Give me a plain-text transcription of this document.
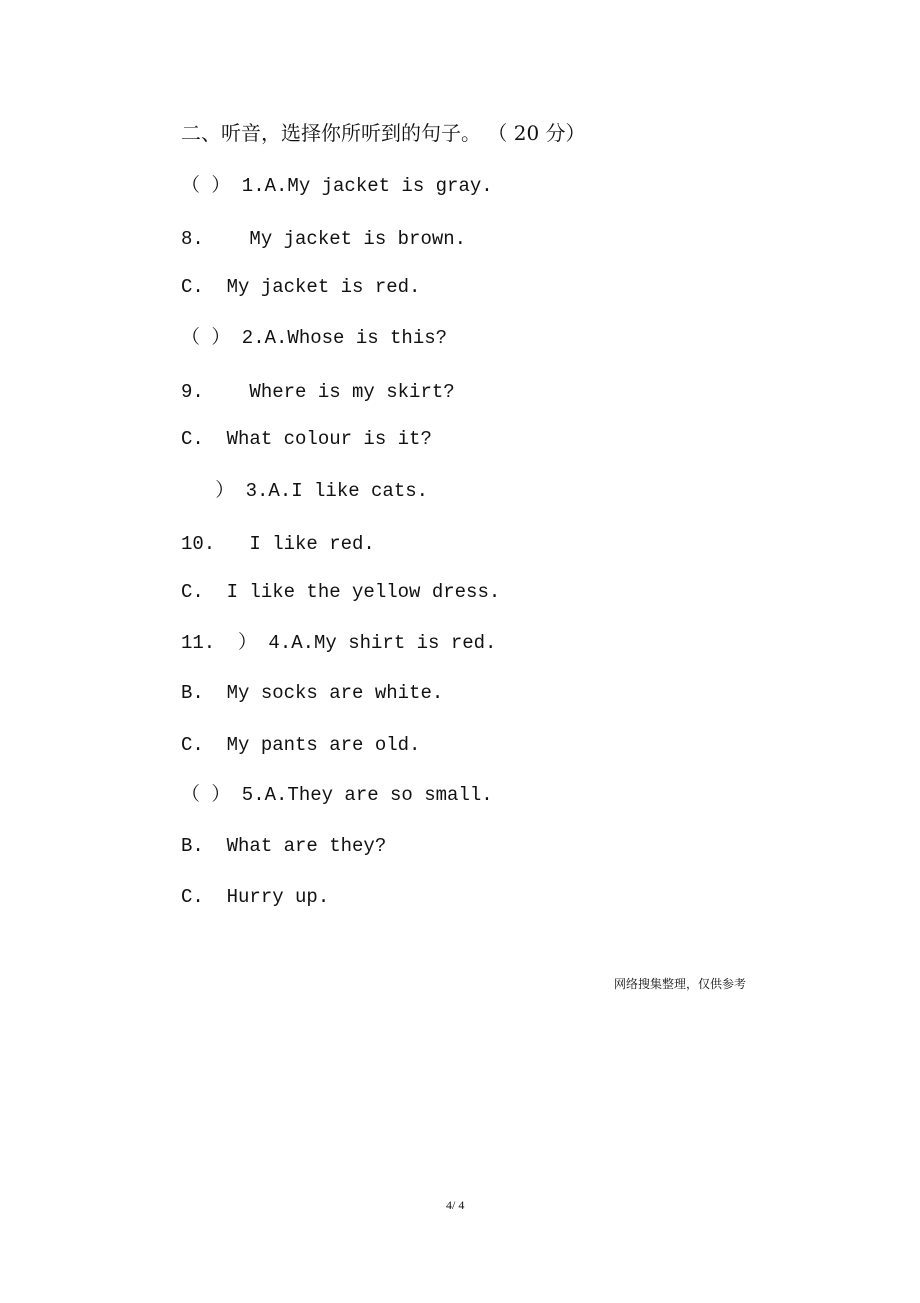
二、听音，选择你所听到的句子。 （ 20 分）
（ ） 1.A.My jacket is gray.
8.    My jacket is brown.
C.  My jacket is red.
（ ） 2.A.Whose is this?
9.    Where is my skirt?
C.  What colour is it?
） 3.A.I like cats.
10.   I like red.
C.  I like the yellow dress.
11.  ） 4.A.My shirt is red.
B.  My socks are white.
C.  My pants are old.
（ ） 5.A.They are so small.
B.  What are they?
C.  Hurry up.
网络搜集整理，仅供参考
4/ 4
